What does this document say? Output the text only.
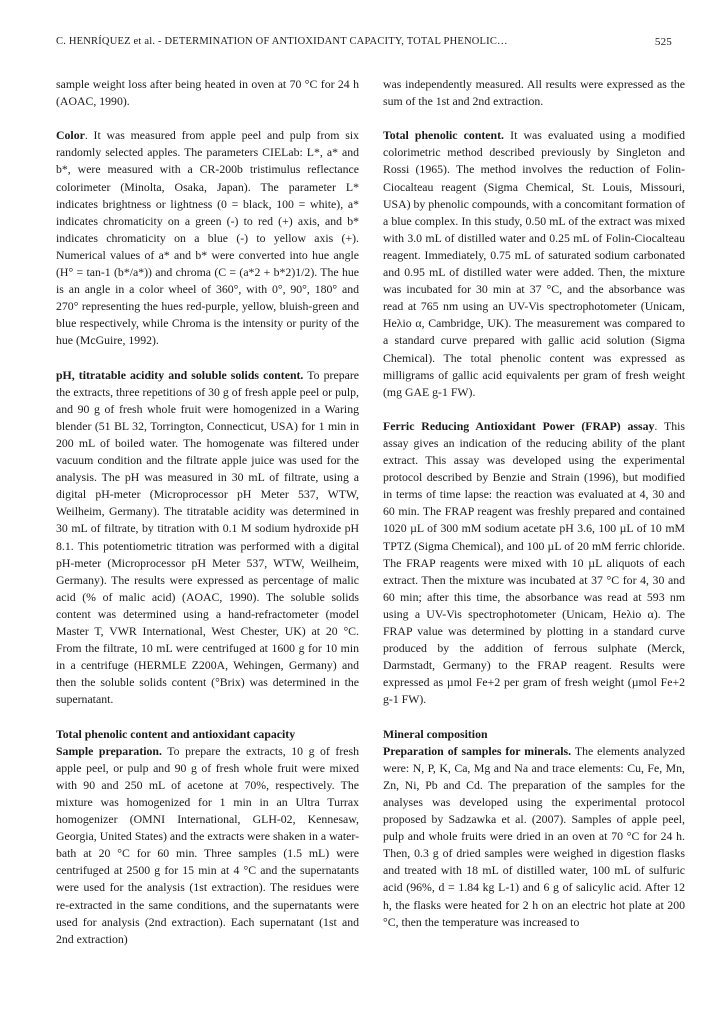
C. HENRÍQUEZ et al. - DETERMINATION OF ANTIOXIDANT CAPACITY, TOTAL PHENOLIC…	525

sample weight loss after being heated in oven at 70 °C for 24 h (AOAC, 1990).

Color. It was measured from apple peel and pulp from six randomly selected apples. The parameters CIELab: L*, a* and b*, were measured with a CR-200b tristimulus reflectance colorimeter (Minolta, Osaka, Japan). The parameter L* indicates brightness or lightness (0 = black, 100 = white), a* indicates chromaticity on a green (-) to red (+) axis, and b* indicates chromaticity on a blue (-) to yellow axis (+). Numerical values of a* and b* were converted into hue angle (H° = tan-1 (b*/a*)) and chroma (C = (a*2 + b*2)1/2). The hue is an angle in a color wheel of 360°, with 0°, 90°, 180° and 270° representing the hues red-purple, yellow, bluish-green and blue respectively, while Chroma is the intensity or purity of the hue (McGuire, 1992).

pH, titratable acidity and soluble solids content. To prepare the extracts, three repetitions of 30 g of fresh apple peel or pulp, and 90 g of fresh whole fruit were homogenized in a Waring blender (51 BL 32, Torrington, Connecticut, USA) for 1 min in 200 mL of boiled water. The homogenate was filtered under vacuum condition and the filtrate apple juice was used for the analysis. The pH was measured in 30 mL of filtrate, using a digital pH-meter (Microprocessor pH Meter 537, WTW, Weilheim, Germany). The titratable acidity was determined in 30 mL of filtrate, by titration with 0.1 M sodium hydroxide pH 8.1. This potentiometric titration was performed with a digital pH-meter (Microprocessor pH Meter 537, WTW, Weilheim, Germany). The results were expressed as percentage of malic acid (% of malic acid) (AOAC, 1990). The soluble solids content was determined using a hand-refractometer (model Master T, VWR International, West Chester, UK) at 20 °C. From the filtrate, 10 mL were centrifuged at 1600 g for 10 min in a centrifuge (HERMLE Z200A, Wehingen, Germany) and then the soluble solids content (°Brix) was determined in the supernatant.

Total phenolic content and antioxidant capacity

Sample preparation. To prepare the extracts, 10 g of fresh apple peel, or pulp and 90 g of fresh whole fruit were mixed with 90 and 250 mL of acetone at 70%, respectively. The mixture was homogenized for 1 min in an Ultra Turrax homogenizer (OMNI International, GLH-02, Kennesaw, Georgia, United States) and the extracts were shaken in a water-bath at 20 °C for 60 min. Three samples (1.5 mL) were centrifuged at 2500 g for 15 min at 4 °C and the supernatants were used for the analysis (1st extraction). The residues were re-extracted in the same conditions, and the supernatants were used for analysis (2nd extraction). Each supernatant (1st and 2nd extraction)

was independently measured. All results were expressed as the sum of the 1st and 2nd extraction.

Total phenolic content. It was evaluated using a modified colorimetric method described previously by Singleton and Rossi (1965). The method involves the reduction of Folin-Ciocalteau reagent (Sigma Chemical, St. Louis, Missouri, USA) by phenolic compounds, with a concomitant formation of a blue complex. In this study, 0.50 mL of the extract was mixed with 3.0 mL of distilled water and 0.25 mL of Folin-Ciocalteau reagent. Immediately, 0.75 mL of saturated sodium carbonated and 0.95 mL of distilled water were added. Then, the mixture was incubated for 30 min at 37 °C, and the absorbance was read at 765 nm using an UV-Vis spectrophotometer (Unicam, Heλio α, Cambridge, UK). The measurement was compared to a standard curve prepared with gallic acid solution (Sigma Chemical). The total phenolic content was expressed as milligrams of gallic acid equivalents per gram of fresh weight (mg GAE g-1 FW).

Ferric Reducing Antioxidant Power (FRAP) assay. This assay gives an indication of the reducing ability of the plant extract. This assay was developed using the experimental protocol described by Benzie and Strain (1996), but modified in terms of time lapse: the reaction was evaluated at 4, 30 and 60 min. The FRAP reagent was freshly prepared and contained 1020 µL of 300 mM sodium acetate pH 3.6, 100 µL of 10 mM TPTZ (Sigma Chemical), and 100 µL of 20 mM ferric chloride. The FRAP reagents were mixed with 10 µL aliquots of each extract. Then the mixture was incubated at 37 °C for 4, 30 and 60 min; after this time, the absorbance was read at 593 nm using a UV-Vis spectrophotometer (Unicam, Heλio α). The FRAP value was determined by plotting in a standard curve produced by the addition of ferrous sulphate (Merck, Darmstadt, Germany) to the FRAP reagent. Results were expressed as µmol Fe+2 per gram of fresh weight (µmol Fe+2 g-1 FW).

Mineral composition

Preparation of samples for minerals. The elements analyzed were: N, P, K, Ca, Mg and Na and trace elements: Cu, Fe, Mn, Zn, Ni, Pb and Cd. The preparation of the samples for the analyses was developed using the experimental protocol proposed by Sadzawka et al. (2007). Samples of apple peel, pulp and whole fruits were dried in an oven at 70 °C for 24 h. Then, 0.3 g of dried samples were weighed in digestion flasks and treated with 18 mL of distilled water, 100 mL of sulfuric acid (96%, d = 1.84 kg L-1) and 6 g of salicylic acid. After 12 h, the flasks were heated for 2 h on an electric hot plate at 200 °C, then the temperature was increased to
